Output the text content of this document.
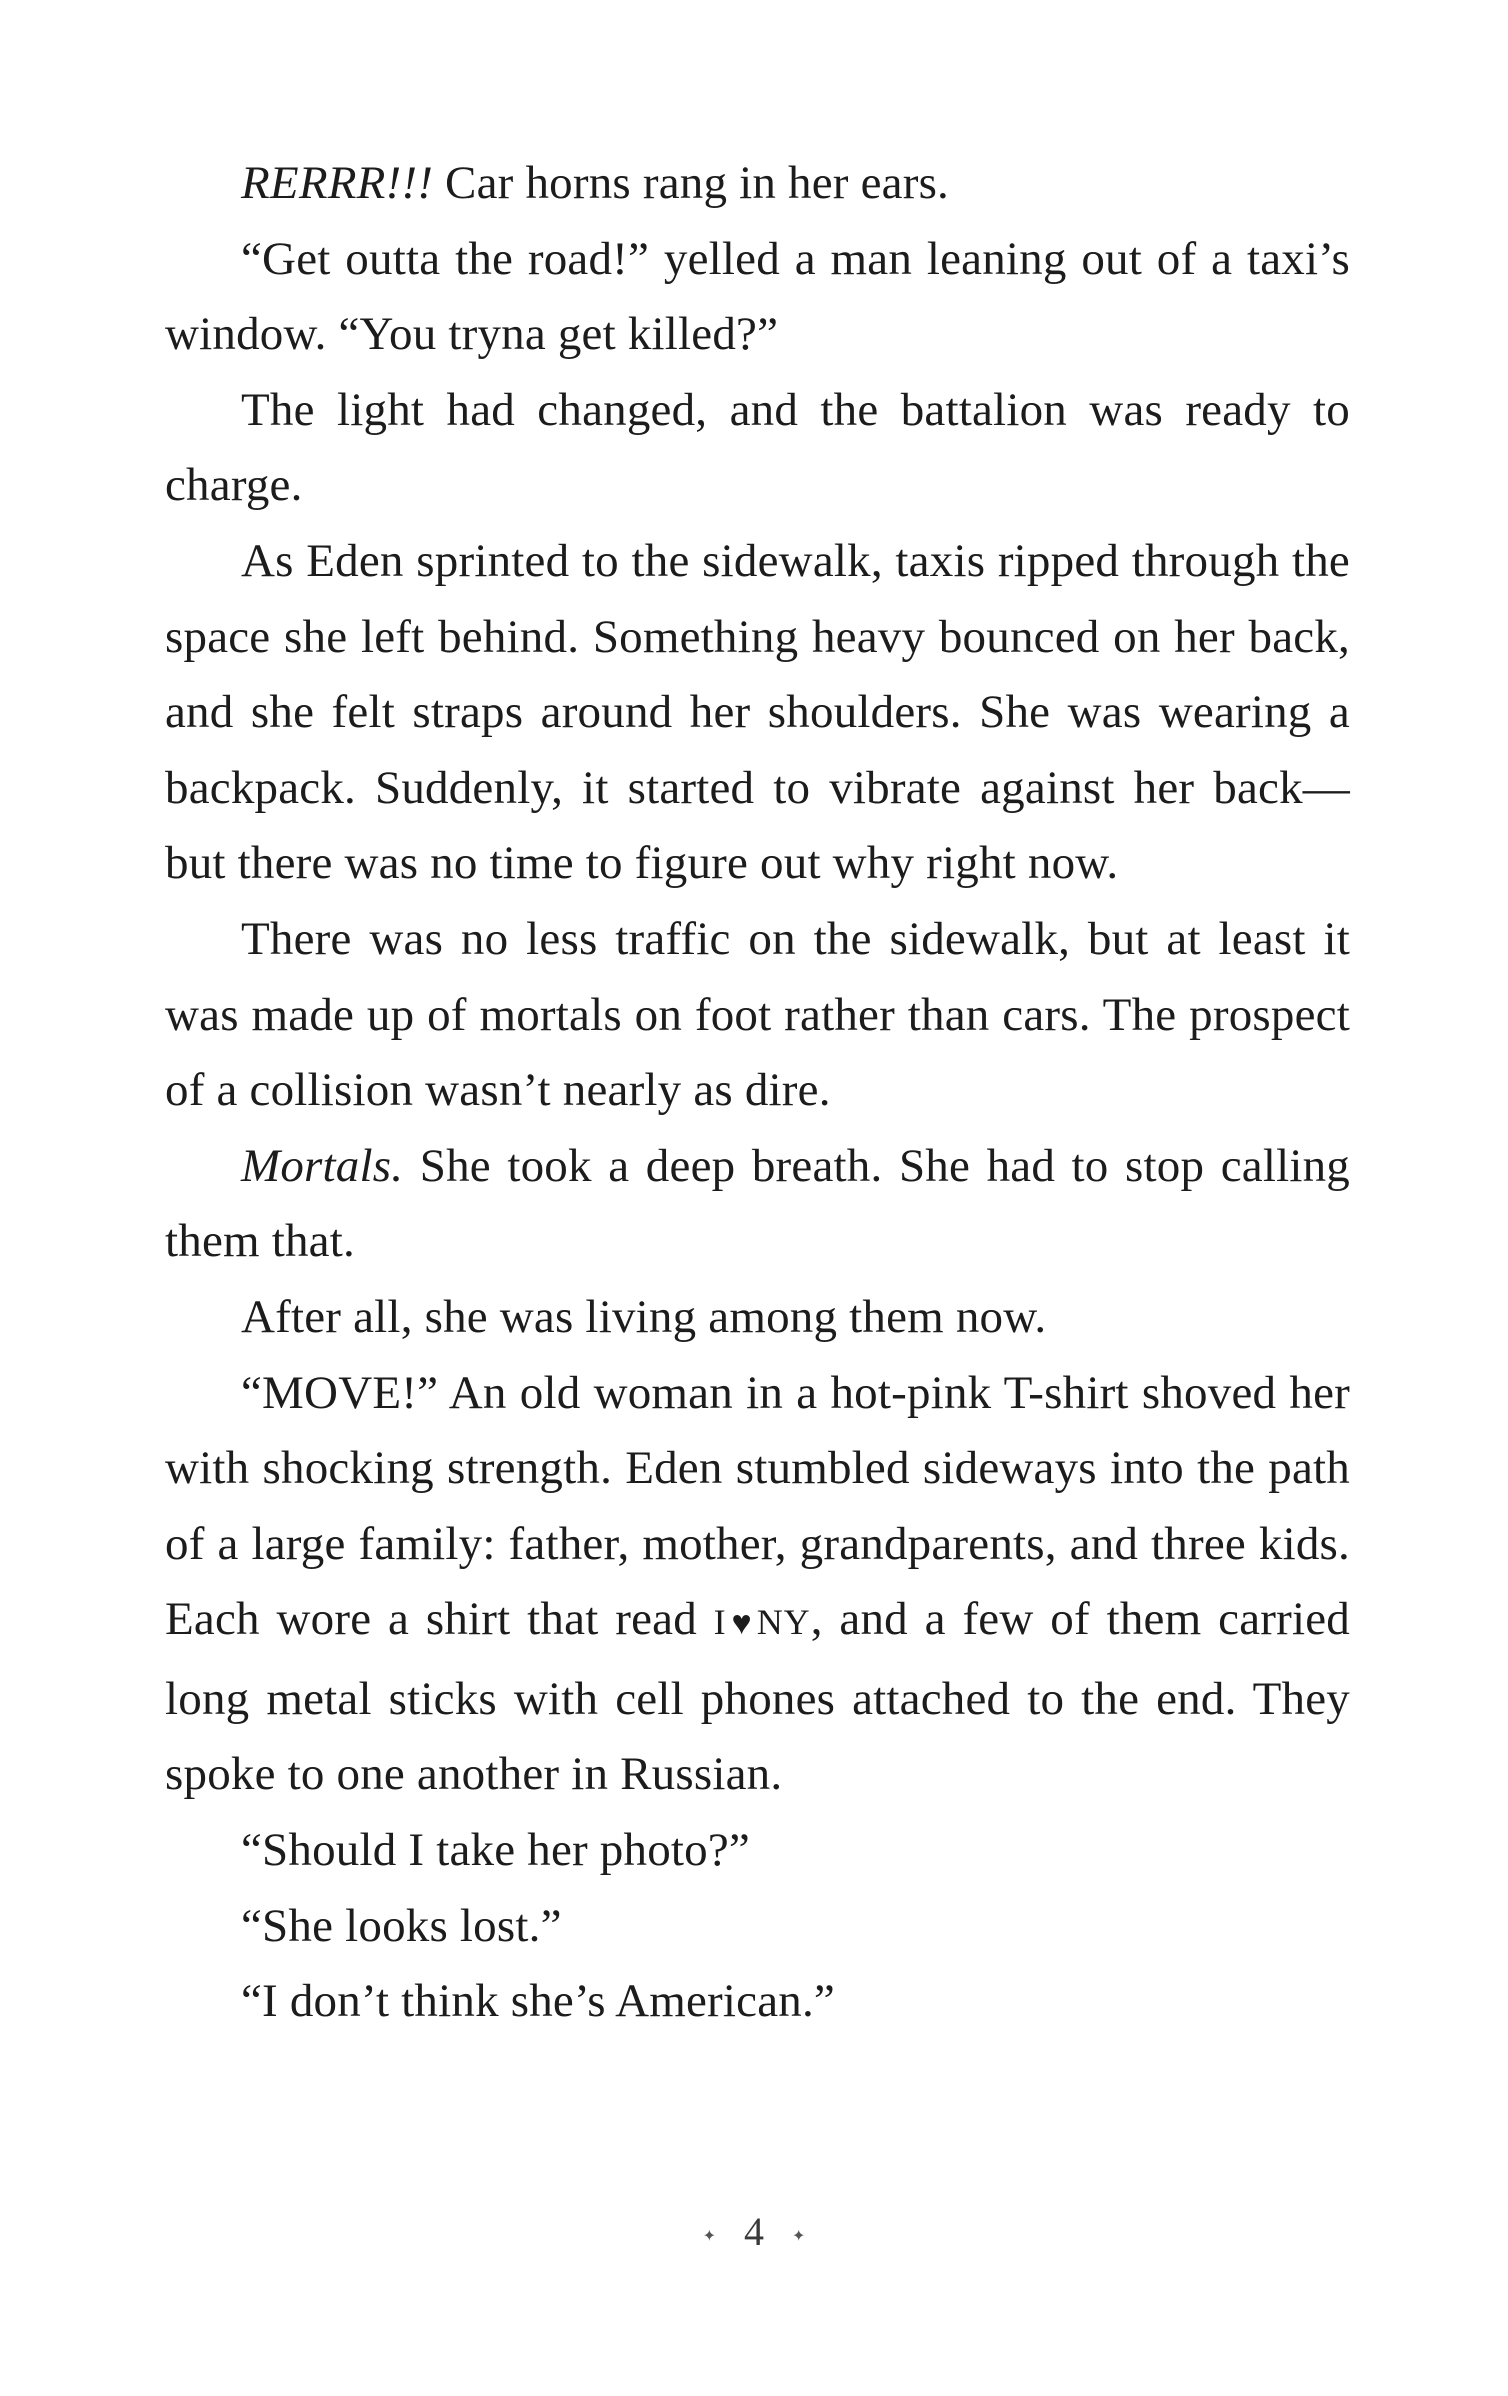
RERRR!!! Car horns rang in her ears.

“Get outta the road!” yelled a man leaning out of a taxi’s window. “You tryna get killed?”

The light had changed, and the battalion was ready to charge.

As Eden sprinted to the sidewalk, taxis ripped through the space she left behind. Something heavy bounced on her back, and she felt straps around her shoulders. She was wearing a backpack. Suddenly, it started to vibrate against her back—but there was no time to figure out why right now.

There was no less traffic on the sidewalk, but at least it was made up of mortals on foot rather than cars. The prospect of a collision wasn’t nearly as dire.

Mortals. She took a deep breath. She had to stop calling them that.

After all, she was living among them now.

“MOVE!” An old woman in a hot-pink T-shirt shoved her with shocking strength. Eden stumbled sideways into the path of a large family: father, mother, grandparents, and three kids. Each wore a shirt that read I♥NY, and a few of them carried long metal sticks with cell phones attached to the end. They spoke to one another in Russian.

“Should I take her photo?”

“She looks lost.”

“I don’t think she’s American.”

✦ 4 ✦
